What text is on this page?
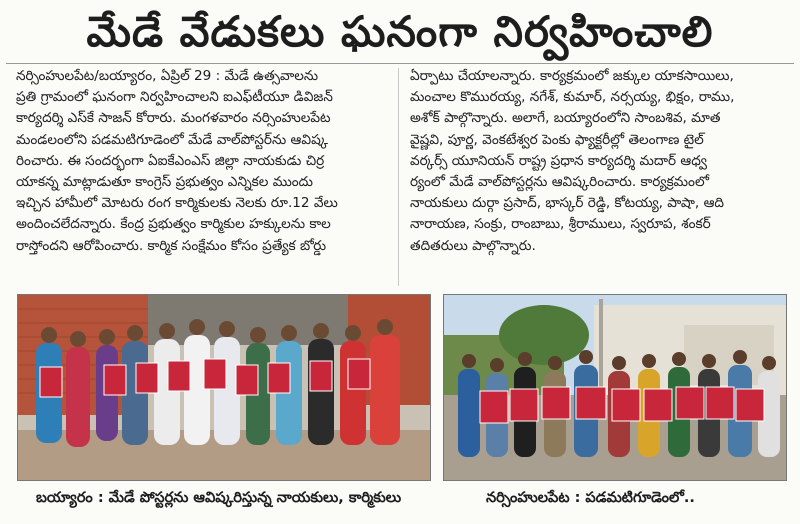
మేడే వేడుకలు ఘనంగా నిర్వహించాలి
నర్సింహులపేట/బయ్యారం, ఏప్రిల్ 29 : మేడే ఉత్సవాలను
ప్రతి గ్రామంలో ఘనంగా నిర్వహించాలని ఐఎఫ్‌టీయూ డివిజన్
కార్యదర్శి ఎస్‌కే సాజన్ కోరారు. మంగళవారం నర్సింహులపేట
మండలంలోని పడమటిగూడెంలో మేడే వాల్‌పోస్టర్‌ను ఆవిష్క
రించారు. ఈ సందర్భంగా ఏఐకేఎంఎస్ జిల్లా నాయకుడు చిర్ర
యాకన్న మాట్లాడుతూ కాంగ్రెస్ ప్రభుత్వం ఎన్నికల ముందు
ఇచ్చిన హామీలో మోటరు రంగ కార్మికులకు నెలకు రూ.12 వేలు
అందించలేదన్నారు. కేంద్ర ప్రభుత్వం కార్మికుల హక్కులను కాల
రాస్తోందని ఆరోపించారు. కార్మిక సంక్షేమం కోసం ప్రత్యేక బోర్డు
ఏర్పాటు చేయాలన్నారు. కార్యక్రమంలో జక్కుల యాకసాయిలు,
మంచాల కొమురయ్య, నగేశ్, కుమార్, నర్సయ్య, భిక్షం, రాము,
అశోక్ పాల్గొన్నారు. అలాగే, బయ్యారంలోని సాంబశివ, మాత
వైష్ణవి, పూర్ణ, వెంకటేశ్వర పెంకు ఫ్యాక్టరీల్లో తెలంగాణ టైల్
వర్కర్స్ యూనియన్ రాష్ట్ర ప్రధాన కార్యదర్శి మదార్ ఆధ్వ
ర్యంలో మేడే వాల్‌పోస్టర్లను ఆవిష్కరించారు. కార్యక్రమంలో
నాయకులు దుర్గా ప్రసాద్, భాస్కర్ రెడ్డి, కోటయ్య, పాషా, ఆది
నారాయణ, సంక్రు, రాంబాబు, శ్రీరాములు, స్వరూప, శంకర్
తదితరులు పాల్గొన్నారు.
బయ్యారం : మేడే పోస్టర్లను ఆవిష్కరిస్తున్న నాయకులు, కార్మికులు	నర్సింహులపేట : పడమటిగూడెంలో..
